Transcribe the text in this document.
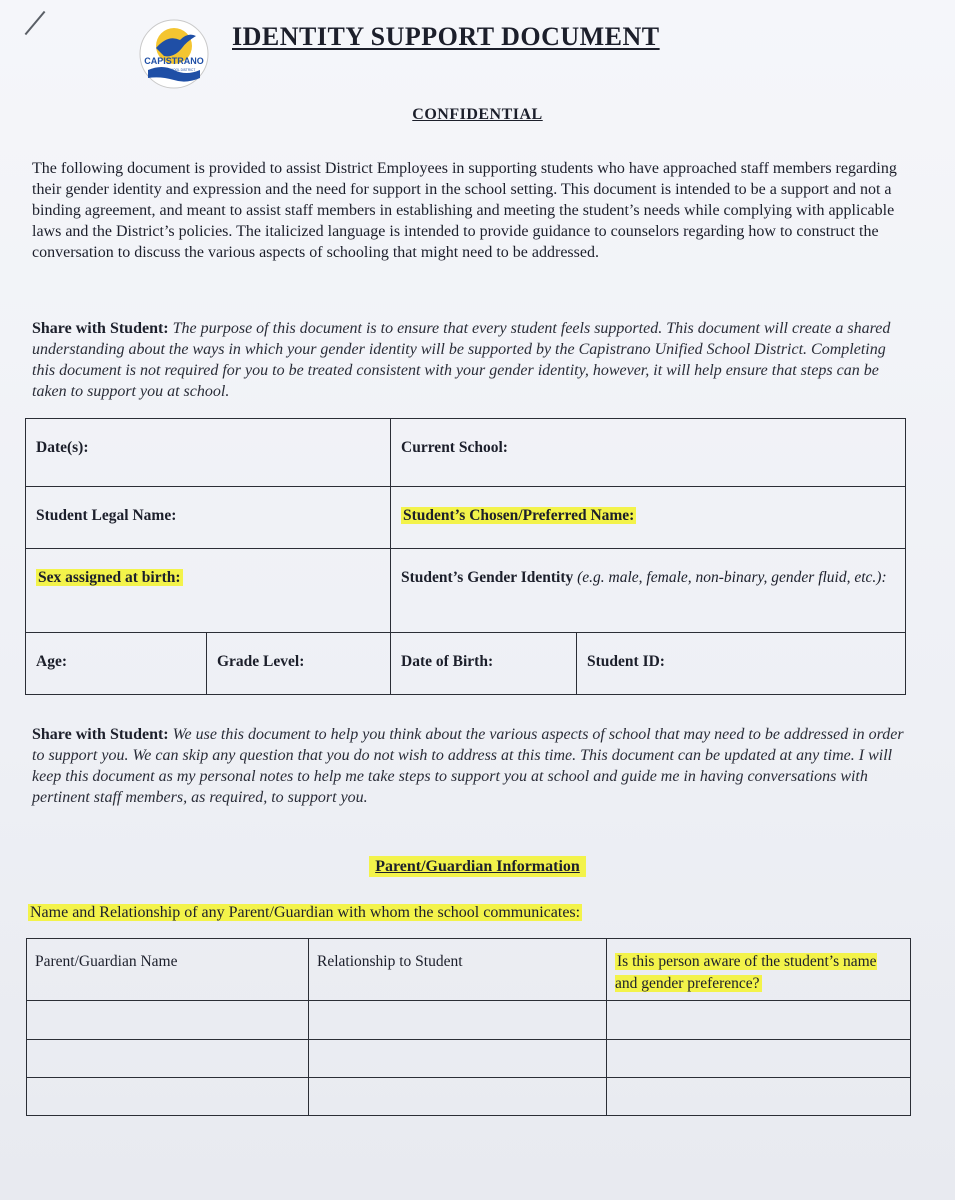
CAPISTRANO
UNIFIED SCHOOL DISTRICT
IDENTITY SUPPORT DOCUMENT
CONFIDENTIAL

The following document is provided to assist District Employees in supporting students who have approached staff members regarding their gender identity and expression and the need for support in the school setting. This document is intended to be a support and not a binding agreement, and meant to assist staff members in establishing and meeting the student’s needs while complying with applicable laws and the District’s policies. The italicized language is intended to provide guidance to counselors regarding how to construct the conversation to discuss the various aspects of schooling that might need to be addressed.

Share with Student: The purpose of this document is to ensure that every student feels supported. This document will create a shared understanding about the ways in which your gender identity will be supported by the Capistrano Unified School District. Completing this document is not required for you to be treated consistent with your gender identity, however, it will help ensure that steps can be taken to support you at school.

Date(s):		Current School:	
Student Legal Name:		Student’s Chosen/Preferred Name:	
Sex assigned at birth:		Student’s Gender Identity (e.g. male, female, non-binary, gender fluid, etc.):	
Age:	Grade Level:	Date of Birth:	Student ID:

Share with Student: We use this document to help you think about the various aspects of school that may need to be addressed in order to support you. We can skip any question that you do not wish to address at this time. This document can be updated at any time. I will keep this document as my personal notes to help me take steps to support you at school and guide me in having conversations with pertinent staff members, as required, to support you.

Parent/Guardian Information
Name and Relationship of any Parent/Guardian with whom the school communicates:
Parent/Guardian Name	Relationship to Student	Is this person aware of the student’s name and gender preference?
